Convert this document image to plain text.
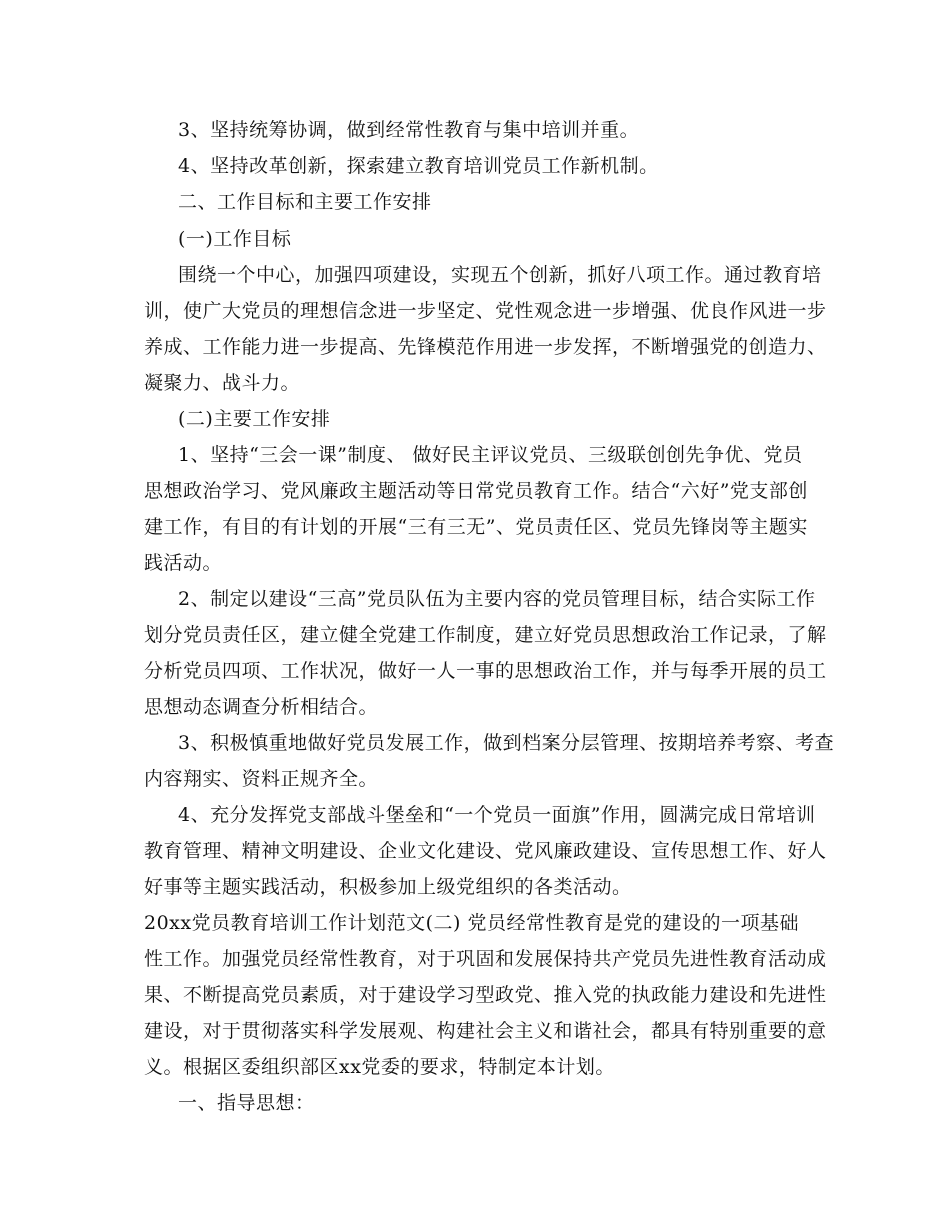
3、坚持统筹协调，做到经常性教育与集中培训并重。
4、坚持改革创新，探索建立教育培训党员工作新机制。
二、工作目标和主要工作安排
(一)工作目标
围绕一个中心，加强四项建设，实现五个创新，抓好八项工作。通过教育培
训，使广大党员的理想信念进一步坚定、党性观念进一步增强、优良作风进一步
养成、工作能力进一步提高、先锋模范作用进一步发挥，不断增强党的创造力、
凝聚力、战斗力。
(二)主要工作安排
1、坚持“三会一课”制度、 做好民主评议党员、三级联创创先争优、党员
思想政治学习、党风廉政主题活动等日常党员教育工作。结合“六好”党支部创
建工作，有目的有计划的开展“三有三无”、党员责任区、党员先锋岗等主题实
践活动。
2、制定以建设“三高”党员队伍为主要内容的党员管理目标，结合实际工作
划分党员责任区，建立健全党建工作制度，建立好党员思想政治工作记录，了解
分析党员四项、工作状况，做好一人一事的思想政治工作，并与每季开展的员工
思想动态调查分析相结合。
3、积极慎重地做好党员发展工作，做到档案分层管理、按期培养考察、考查
内容翔实、资料正规齐全。
4、充分发挥党支部战斗堡垒和“一个党员一面旗”作用，圆满完成日常培训
教育管理、精神文明建设、企业文化建设、党风廉政建设、宣传思想工作、好人
好事等主题实践活动，积极参加上级党组织的各类活动。
20xx党员教育培训工作计划范文(二) 党员经常性教育是党的建设的一项基础
性工作。加强党员经常性教育，对于巩固和发展保持共产党员先进性教育活动成
果、不断提高党员素质，对于建设学习型政党、推入党的执政能力建设和先进性
建设，对于贯彻落实科学发展观、构建社会主义和谐社会，都具有特别重要的意
义。根据区委组织部区xx党委的要求，特制定本计划。
一、指导思想：
